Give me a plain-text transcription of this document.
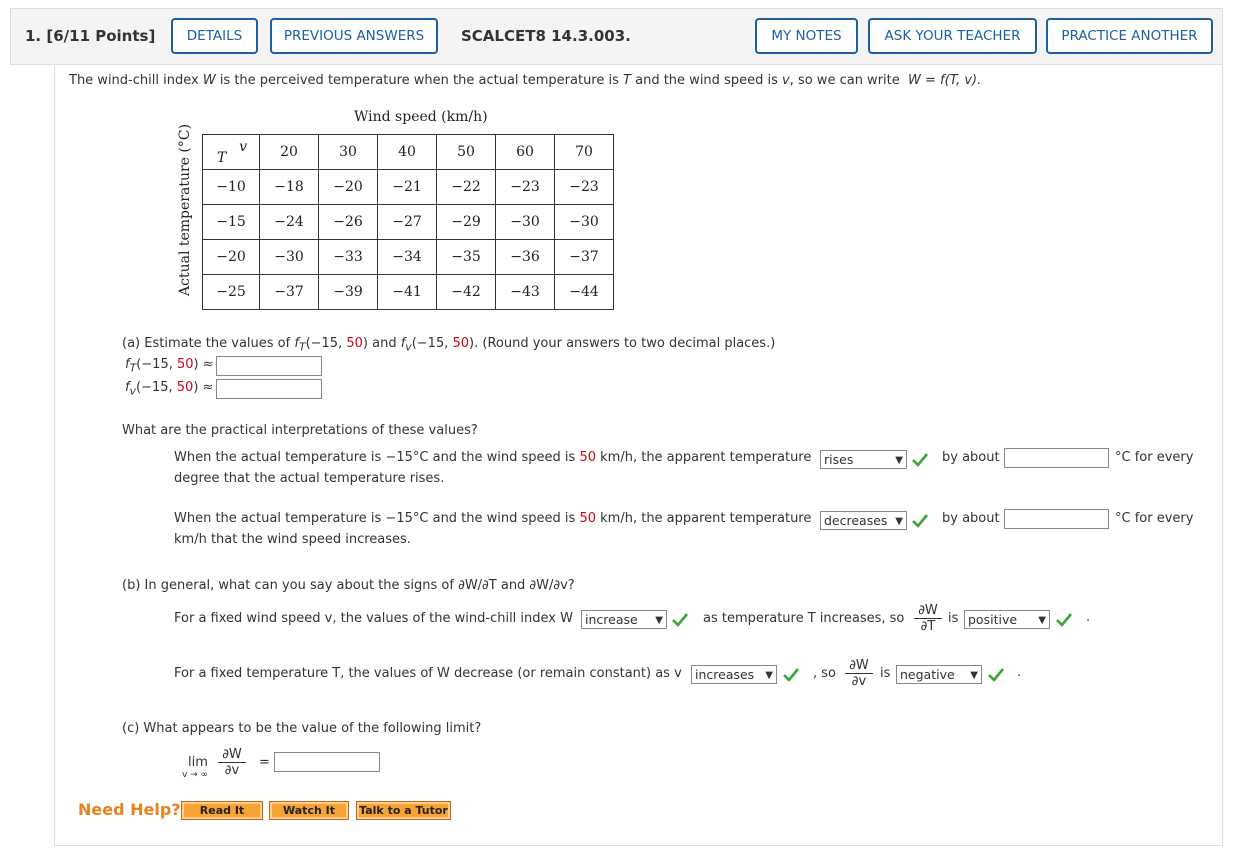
1. [6/11 Points]	DETAILS	PREVIOUS ANSWERS	SCALCET8 14.3.003.	MY NOTES	ASK YOUR TEACHER	PRACTICE ANOTHER
The wind-chill index W is the perceived temperature when the actual temperature is T and the wind speed is v, so we can write W = f(T, v).
Wind speed (km/h)
Actual temperature (°C)	v
T	20	30	40	50	60	70
−10	−18	−20	−21	−22	−23	−23
−15	−24	−26	−27	−29	−30	−30
−20	−30	−33	−34	−35	−36	−37
−25	−37	−39	−41	−42	−43	−44
(a) Estimate the values of $f_T(-15$, 50) and $f_v(-15$, 50). (Round your answers to two decimal places.)
$f_T(-15$, 50) ≈
$f_v(-15$, 50) ≈
What are the practical interpretations of these values?
When the actual temperature is −15°C and the wind speed is 50 km/h, the apparent temperature	rises	▼	by about	°C for every
degree that the actual temperature rises.
When the actual temperature is −15°C and the wind speed is 50 km/h, the apparent temperature	decreases ▼	by about	°C for every
km/h that the wind speed increases.
(b) In general, what can you say about the signs of ∂W/∂T and ∂W/∂v?
For a fixed wind speed v, the values of the wind-chill index W increase ▼	as temperature T increases, so $\frac{\partial W}{\partial T}$ is positive ▼	.
For a fixed temperature T, the values of W decrease (or remain constant) as v	increases ▼	, so $\frac{\partial W}{\partial v}$ is negative ▼	.
(c) What appears to be the value of the following limit?
lim
v → ∞ $\frac{\partial W}{\partial v}$ =
Need Help?	Read It	Watch It	Talk to a Tutor
